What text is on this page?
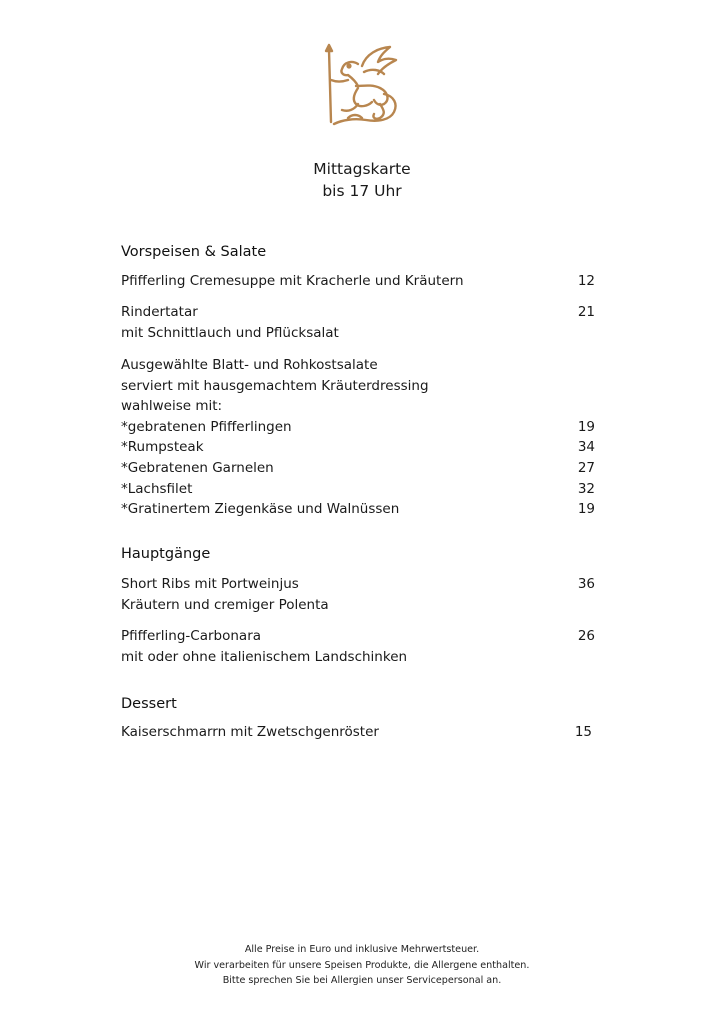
Mittagskarte
bis 17 Uhr
Vorspeisen & Salate
Pfifferling Cremesuppe mit Kracherle und Kräutern	12
Rindertatar	21
mit Schnittlauch und Pflücksalat
Ausgewählte Blatt- und Rohkostsalate
serviert mit hausgemachtem Kräuterdressing
wahlweise mit:
*gebratenen Pfifferlingen	19
*Rumpsteak	34
*Gebratenen Garnelen	27
*Lachsfilet	32
*Gratinertem Ziegenkäse und Walnüssen	19
Hauptgänge
Short Ribs mit Portweinjus	36
Kräutern und cremiger Polenta
Pfifferling-Carbonara	26
mit oder ohne italienischem Landschinken
Dessert
Kaiserschmarrn mit Zwetschgenröster	15
Alle Preise in Euro und inklusive Mehrwertsteuer.
Wir verarbeiten für unsere Speisen Produkte, die Allergene enthalten.
Bitte sprechen Sie bei Allergien unser Servicepersonal an.
